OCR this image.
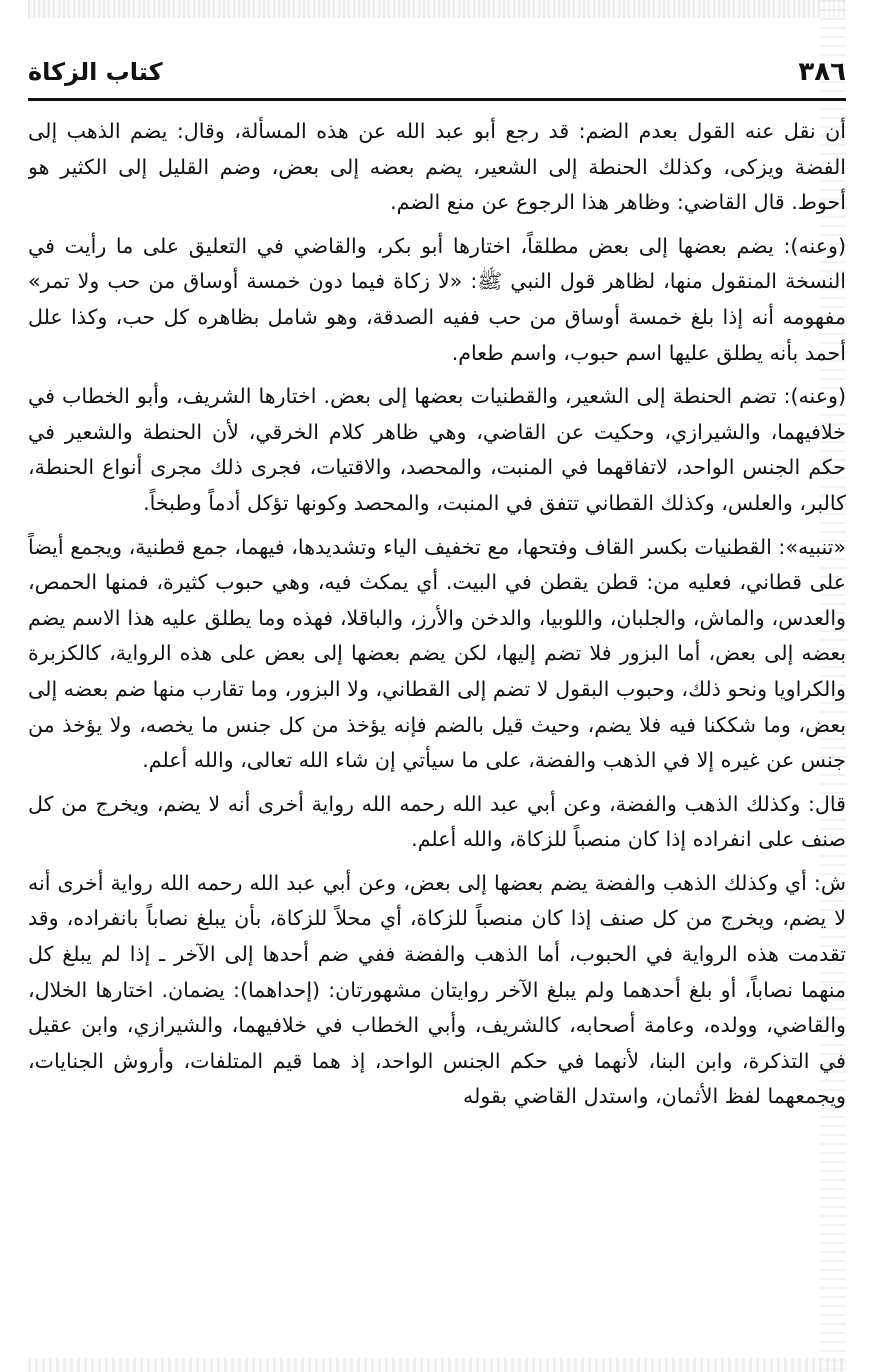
٣٨٦
كتاب الزكاة

أن نقل عنه القول بعدم الضم: قد رجع أبو عبد الله عن هذه المسألة، وقال: يضم الذهب إلى الفضة ويزكى، وكذلك الحنطة إلى الشعير، يضم بعضه إلى بعض، وضم القليل إلى الكثير هو أحوط. قال القاضي: وظاهر هذا الرجوع عن منع الضم.

(وعنه): يضم بعضها إلى بعض مطلقاً، اختارها أبو بكر، والقاضي في التعليق على ما رأيت في النسخة المنقول منها، لظاهر قول النبي ﷺ: «لا زكاة فيما دون خمسة أوساق من حب ولا تمر» مفهومه أنه إذا بلغ خمسة أوساق من حب ففيه الصدقة، وهو شامل بظاهره كل حب، وكذا علل أحمد بأنه يطلق عليها اسم حبوب، واسم طعام.

(وعنه): تضم الحنطة إلى الشعير، والقطنيات بعضها إلى بعض. اختارها الشريف، وأبو الخطاب في خلافيهما، والشيرازي، وحكيت عن القاضي، وهي ظاهر كلام الخرقي، لأن الحنطة والشعير في حكم الجنس الواحد، لاتفاقهما في المنبت، والمحصد، والاقتيات، فجرى ذلك مجرى أنواع الحنطة، كالبر، والعلس، وكذلك القطاني تتفق في المنبت، والمحصد وكونها تؤكل أدماً وطبخاً.

«تنبيه»: القطنيات بكسر القاف وفتحها، مع تخفيف الياء وتشديدها، فيهما، جمع قطنية، ويجمع أيضاً على قطاني، فعليه من: قطن يقطن في البيت. أي يمكث فيه، وهي حبوب كثيرة، فمنها الحمص، والعدس، والماش، والجلبان، واللوبيا، والدخن والأرز، والباقلا، فهذه وما يطلق عليه هذا الاسم يضم بعضه إلى بعض، أما البزور فلا تضم إليها، لكن يضم بعضها إلى بعض على هذه الرواية، كالكزبرة والكراويا ونحو ذلك، وحبوب البقول لا تضم إلى القطاني، ولا البزور، وما تقارب منها ضم بعضه إلى بعض، وما شككنا فيه فلا يضم، وحيث قيل بالضم فإنه يؤخذ من كل جنس ما يخصه، ولا يؤخذ من جنس عن غيره إلا في الذهب والفضة، على ما سيأتي إن شاء الله تعالى، والله أعلم.

قال: وكذلك الذهب والفضة، وعن أبي عبد الله رحمه الله رواية أخرى أنه لا يضم، ويخرج من كل صنف على انفراده إذا كان منصباً للزكاة، والله أعلم.

ش: أي وكذلك الذهب والفضة يضم بعضها إلى بعض، وعن أبي عبد الله رحمه الله رواية أخرى أنه لا يضم، ويخرج من كل صنف إذا كان منصباً للزكاة، أي محلاً للزكاة، بأن يبلغ نصاباً بانفراده، وقد تقدمت هذه الرواية في الحبوب، أما الذهب والفضة ففي ضم أحدها إلى الآخر ـ إذا لم يبلغ كل منهما نصاباً، أو بلغ أحدهما ولم يبلغ الآخر روايتان مشهورتان: (إحداهما): يضمان. اختارها الخلال، والقاضي، وولده، وعامة أصحابه، كالشريف، وأبي الخطاب في خلافيهما، والشيرازي، وابن عقيل في التذكرة، وابن البنا، لأنهما في حكم الجنس الواحد، إذ هما قيم المتلفات، وأروش الجنايات، ويجمعهما لفظ الأثمان، واستدل القاضي بقوله
